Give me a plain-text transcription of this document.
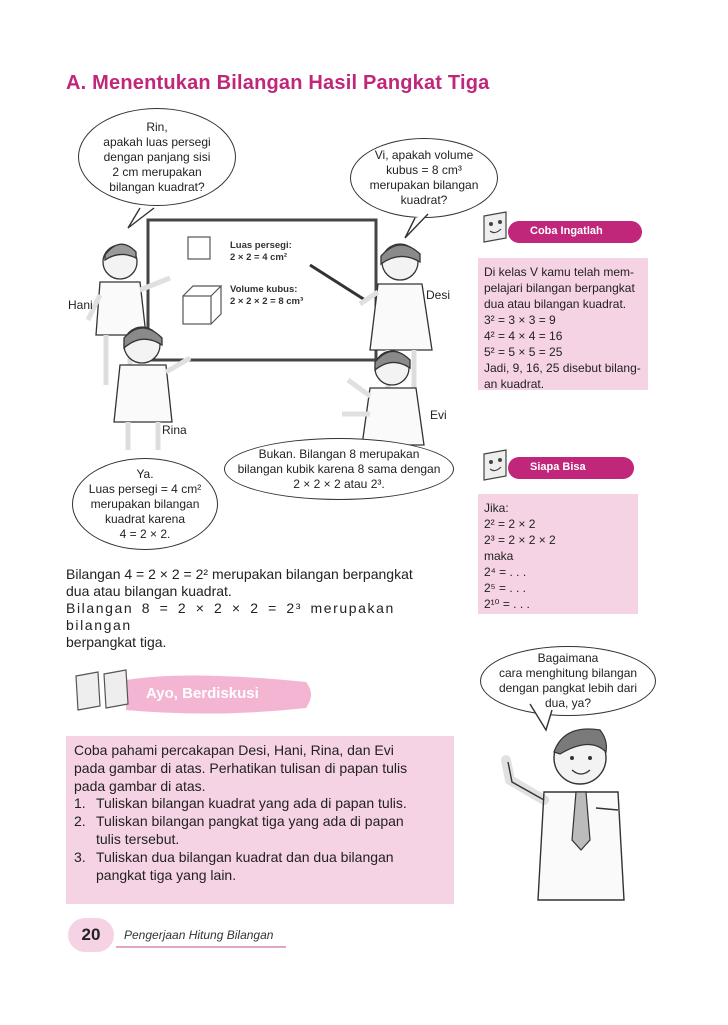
A. Menentukan Bilangan Hasil Pangkat Tiga
Rin,
apakah luas persegi
dengan panjang sisi
2 cm merupakan
bilangan kuadrat?
Vi, apakah volume
kubus = 8 cm³
merupakan bilangan
kuadrat?
Luas persegi:
2 × 2 = 4 cm²
Volume kubus:
2 × 2 × 2 = 8 cm³
Hani
Desi
Rina
Evi
Ya.
Luas persegi = 4 cm²
merupakan bilangan
kuadrat karena
4 = 2 × 2.
Bukan. Bilangan 8 merupakan
bilangan kubik karena 8 sama dengan
2 × 2 × 2 atau 2³.
Coba Ingatlah
Di kelas V kamu telah mem-
pelajari bilangan berpangkat
dua atau bilangan kuadrat.
3² = 3 × 3 = 9
4² = 4 × 4 = 16
5² = 5 × 5 = 25
Jadi, 9, 16, 25 disebut bilang-
an kuadrat.
Siapa Bisa
Jika:
2² = 2 × 2
2³ = 2 × 2 × 2
maka
2⁴ = . . .
2⁵ = . . .
2¹⁰ = . . .
Bilangan 4 = 2 × 2 = 2² merupakan bilangan berpangkat
dua atau bilangan kuadrat.
Bilangan 8 = 2 × 2 × 2 = 2³ merupakan bilangan
berpangkat tiga.
Ayo, Berdiskusi
Coba pahami percakapan Desi, Hani, Rina, dan Evi
pada gambar di atas. Perhatikan tulisan di papan tulis
pada gambar di atas.
1. Tuliskan bilangan kuadrat yang ada di papan tulis.
2. Tuliskan bilangan pangkat tiga yang ada di papan
tulis tersebut.
3. Tuliskan dua bilangan kuadrat dan dua bilangan
pangkat tiga yang lain.
Bagaimana
cara menghitung bilangan
dengan pangkat lebih dari
dua, ya?
20	Pengerjaan Hitung Bilangan
